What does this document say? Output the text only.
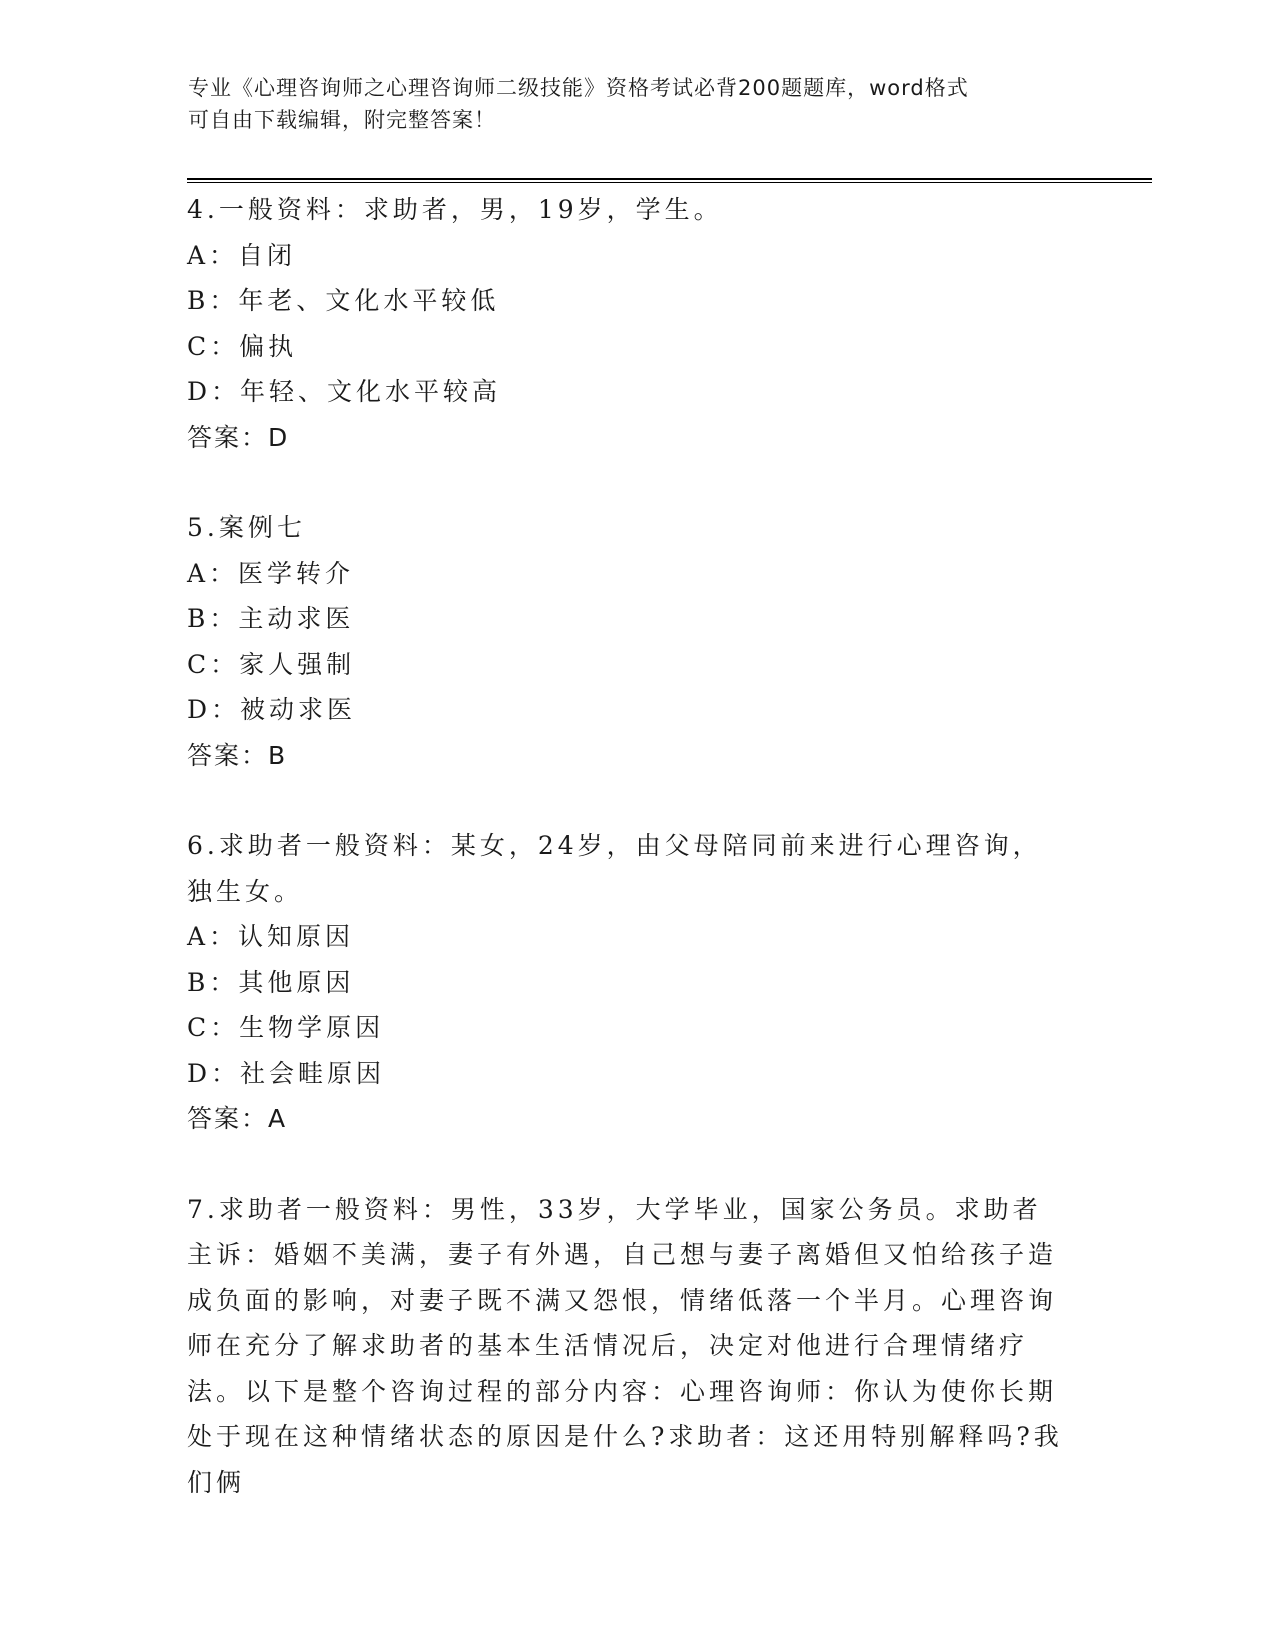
专业《心理咨询师之心理咨询师二级技能》资格考试必背200题题库，word格式
可自由下载编辑，附完整答案！
4.一般资料：求助者，男，19岁，学生。
A：自闭
B：年老、文化水平较低
C：偏执
D：年轻、文化水平较高
答案：D
5.案例七
A：医学转介
B：主动求医
C：家人强制
D：被动求医
答案：B
6.求助者一般资料：某女，24岁，由父母陪同前来进行心理咨询，独生女。
A：认知原因
B：其他原因
C：生物学原因
D：社会畦原因
答案：A
7.求助者一般资料：男性，33岁，大学毕业，国家公务员。求助者主诉：婚姻不美满，妻子有外遇，自己想与妻子离婚但又怕给孩子造成负面的影响，对妻子既不满又怨恨，情绪低落一个半月。心理咨询师在充分了解求助者的基本生活情况后，决定对他进行合理情绪疗法。以下是整个咨询过程的部分内容：心理咨询师：你认为使你长期处于现在这种情绪状态的原因是什么?求助者：这还用特别解释吗?我们俩
